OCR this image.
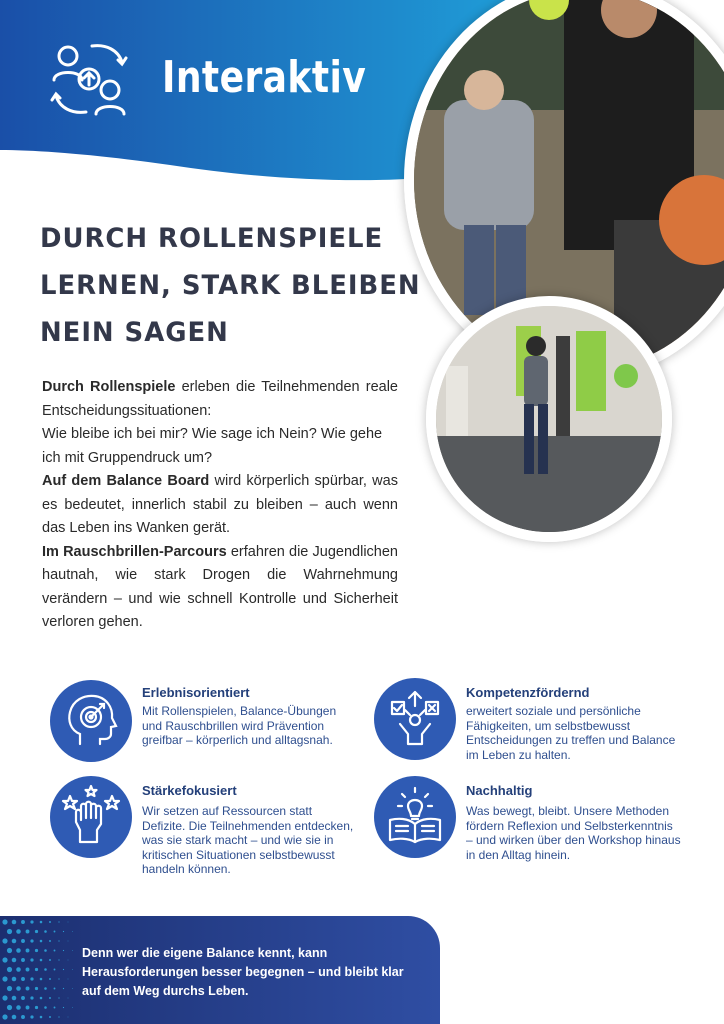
Interaktiv
DURCH ROLLENSPIELE
LERNEN, STARK BLEIBEN
NEIN SAGEN

Durch Rollenspiele erleben die Teilnehmenden reale Entscheidungssituationen:

Wie bleibe ich bei mir? Wie sage ich Nein? Wie gehe ich mit Gruppendruck um?

Auf dem Balance Board wird körperlich spürbar, was es bedeutet, innerlich stabil zu bleiben – auch wenn das Leben ins Wanken gerät.

Im Rauschbrillen-Parcours erfahren die Jugendlichen hautnah, wie stark Drogen die Wahrnehmung verändern – und wie schnell Kontrolle und Sicherheit verloren gehen.

Erlebnisorientiert
Mit Rollenspielen, Balance-Übungen und Rauschbrillen wird Prävention greifbar – körperlich und alltagsnah.
Kompetenzfördernd
erweitert soziale und persönliche Fähigkeiten, um selbstbewusst Entscheidungen zu treffen und Balance im Leben zu halten.
Stärkefokusiert
Wir setzen auf Ressourcen statt Defizite. Die Teilnehmenden entdecken, was sie stark macht – und wie sie in kritischen Situationen selbstbewusst handeln können.
Nachhaltig
Was bewegt, bleibt. Unsere Methoden fördern Reflexion und Selbsterkenntnis – und wirken über den Workshop hinaus in den Alltag hinein.
Denn wer die eigene Balance kennt, kann Herausforderungen besser begegnen – und bleibt klar auf dem Weg durchs Leben.
